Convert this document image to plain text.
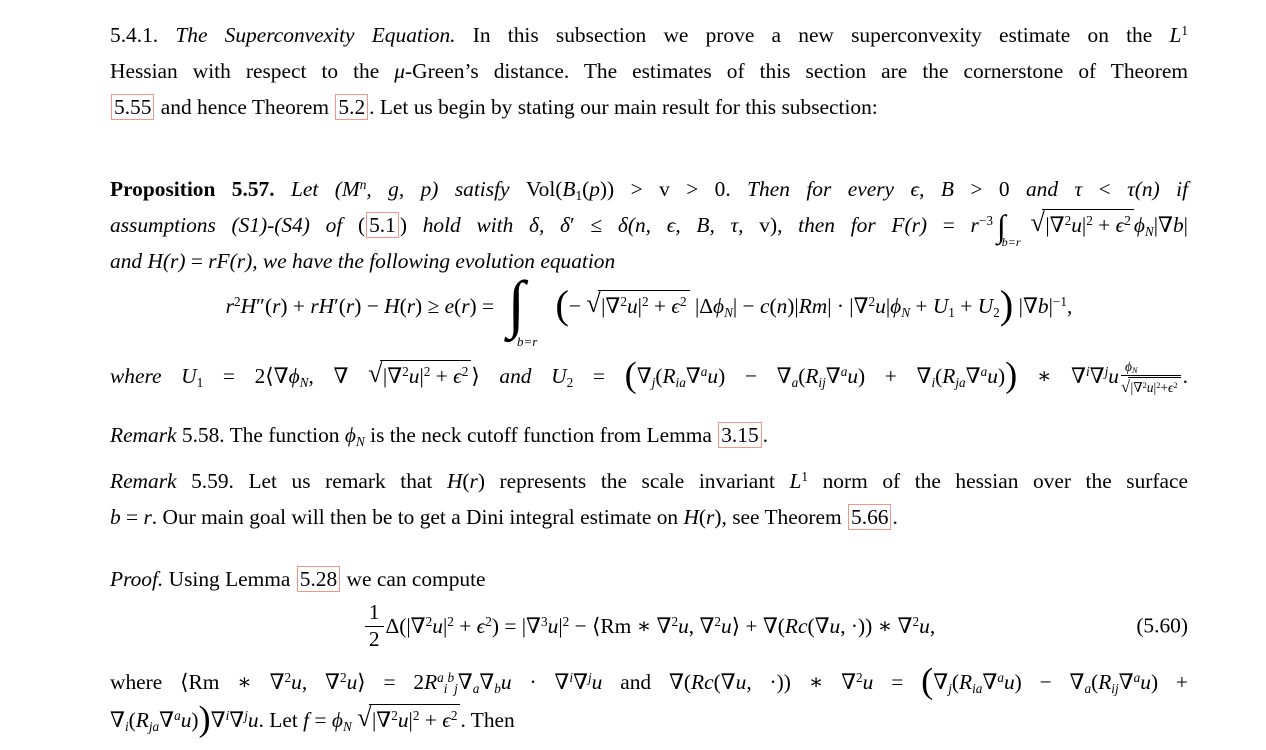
5.4.1. The Superconvexity Equation. In this subsection we prove a new superconvexity estimate on the $L^1$
Hessian with respect to the μ-Green’s distance. The estimates of this section are the cornerstone of Theorem
5.55 and hence Theorem 5.2 . Let us begin by stating our main result for this subsection:
Proposition 5.57. Let ($M^n$, g, p) satisfy Vol(B1(p)) > v > 0. Then for every ϵ, B > 0 and τ < τ(n) if
assumptions (S1)-(S4) of ( 5.1 ) hold with δ, δ′ ≤ δ(n, ϵ, B, τ, v), then for $F(r) = r^{-3}$ $\int_{b=r}√|\nabla^2u|^2 + \epsilon^2$ ϕN|∇b|
and H(r) = rF(r), we have the following evolution equation
$r^2H''(r) + rH'(r) - H(r) \ge e(r) = \int_{b=r}(- √|\nabla^2u|^2 + \epsilon^2$ |ΔϕN| − c(n)|Rm| · |∇$^2$u|ϕN + U1 + U2) $|\nabla b|^{-1}$,
where U1 = 2⟨∇ϕN, ∇ $√|\nabla^2u|^2 + \epsilon^2$ ⟩ and U2 = (∇j(Ria∇$^a$u) − ∇a(Rij∇$^a$u) + ∇i(Rja∇$^a$u)) ∗ $\nabla^i\nabla^ju \frac{\phi N}{√|\nabla^2u|^2+\epsilon^2}$ .
Remark 5.58. The function ϕN is the neck cutoff function from Lemma 3.15 .
Remark 5.59. Let us remark that H(r) represents the scale invariant $L^1$ norm of the hessian over the surface
b = r. Our main goal will then be to get a Dini integral estimate on H(r), see Theorem 5.66 .
Proof. Using Lemma 5.28 we can compute
$\frac{1}{2} \Delta(|\nabla^2u|^2 + \epsilon^2) = |\nabla^3u|^2$ − ⟨Rm ∗ ∇$^2$u, ∇$^2$u⟩ + ∇(Rc(∇u, ·)) ∗ ∇$^2$u,	(5.60)
where ⟨Rm ∗ ∇$^2$u, ∇$^2$u⟩ = $2R^ai^bj\nabla a\nabla bu \cdot \nabla^i\nabla^ju$ and ∇(Rc(∇u, ·)) ∗ ∇$^2$u = (∇j(Ria∇$^a$u) − ∇a(Rij∇$^a$u) +
∇i(Rja∇$^a$u))∇$^i$∇$^j$u. Let f = ϕN $√|\nabla^2u|^2 + \epsilon^2$ . Then
